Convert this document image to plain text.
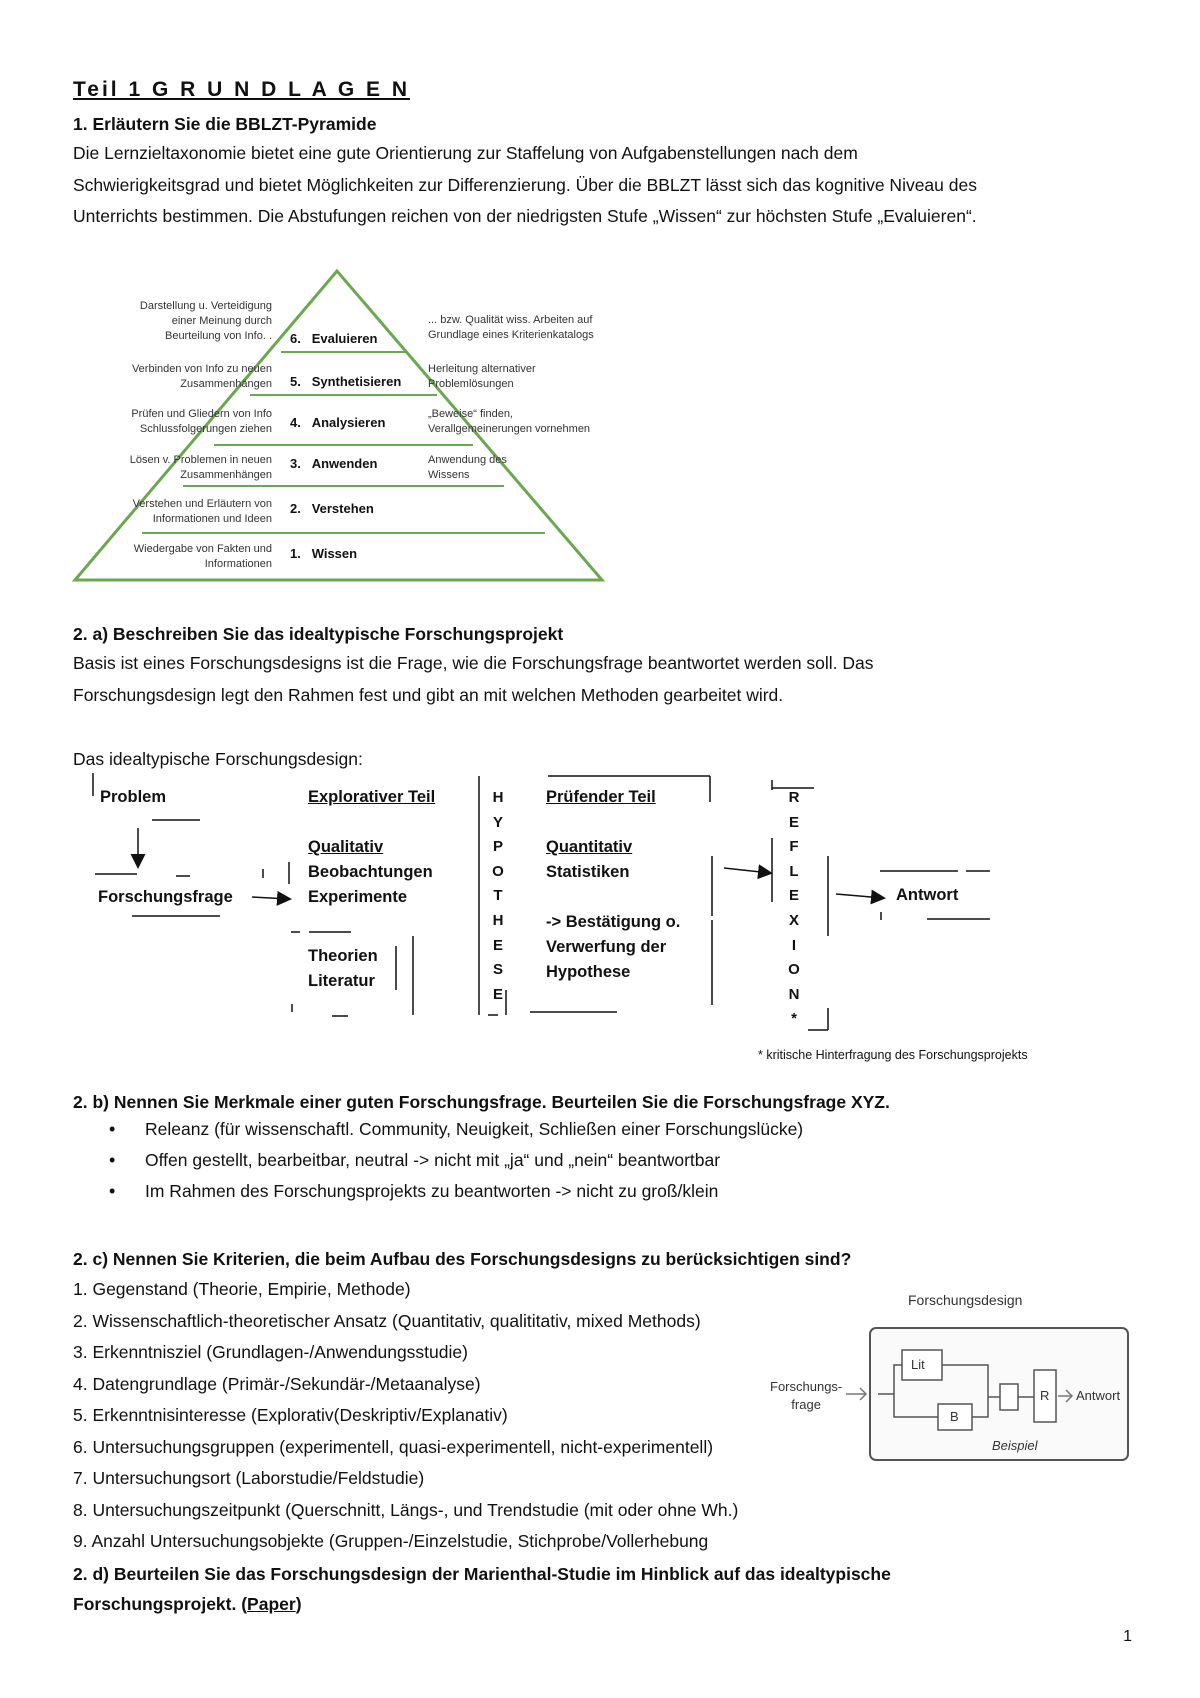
Teil 1 G R U N D L A G E N
1. Erläutern Sie die BBLZT-Pyramide

Die Lernzieltaxonomie bietet eine gute Orientierung zur Staffelung von Aufgabenstellungen nach dem

Schwierigkeitsgrad und bietet Möglichkeiten zur Differenzierung. Über die BBLZT lässt sich das kognitive Niveau des

Unterrichts bestimmen. Die Abstufungen reichen von der niedrigsten Stufe „Wissen“ zur höchsten Stufe „Evaluieren“.

Darstellung u. Verteidigung
einer Meinung durch
Beurteilung von Info. .
Verbinden von Info zu neuen
Zusammenhängen
Prüfen und Gliedern von Info
Schlussfolgerungen ziehen
Lösen v. Problemen in neuen
Zusammenhängen
Verstehen und Erläutern von
Informationen und Ideen
Wiedergabe von Fakten und
Informationen
6. Evaluieren
5. Synthetisieren
4. Analysieren
3. Anwenden
2. Verstehen
1. Wissen
... bzw. Qualität wiss. Arbeiten auf
Grundlage eines Kriterienkatalogs
Herleitung alternativer
Problemlösungen
„Beweise“ finden,
Verallgemeinerungen vornehmen
Anwendung des
Wissens
2. a) Beschreiben Sie das idealtypische Forschungsprojekt

Basis ist eines Forschungsdesigns ist die Frage, wie die Forschungsfrage beantwortet werden soll. Das

Forschungsdesign legt den Rahmen fest und gibt an mit welchen Methoden gearbeitet wird.

Das idealtypische Forschungsdesign:
Problem
Forschungsfrage
Explorativer Teil
Qualitativ
Beobachtungen
Experimente
Theorien
Literatur
H
Y
P
O
T
H
E
S
E
Prüfender Teil
Quantitativ
Statistiken
-> Bestätigung o.
Verwerfung der
Hypothese
R
E
F
L
E
X
I
O
N
*
Antwort
* kritische Hinterfragung des Forschungsprojekts
2. b) Nennen Sie Merkmale einer guten Forschungsfrage. Beurteilen Sie die Forschungsfrage XYZ.
• Releanz (für wissenschaftl. Community, Neuigkeit, Schließen einer Forschungslücke)
• Offen gestellt, bearbeitbar, neutral -> nicht mit „ja“ und „nein“ beantwortbar
• Im Rahmen des Forschungsprojekts zu beantworten -> nicht zu groß/klein
2. c) Nennen Sie Kriterien, die beim Aufbau des Forschungsdesigns zu berücksichtigen sind?
1. Gegenstand (Theorie, Empirie, Methode)
2. Wissenschaftlich-theoretischer Ansatz (Quantitativ, qualititativ, mixed Methods)
3. Erkenntnisziel (Grundlagen-/Anwendungsstudie)
4. Datengrundlage (Primär-/Sekundär-/Metaanalyse)
5. Erkenntnisinteresse (Explorativ(Deskriptiv/Explanativ)
6. Untersuchungsgruppen (experimentell, quasi-experimentell, nicht-experimentell)
7. Untersuchungsort (Laborstudie/Feldstudie)
8. Untersuchungszeitpunkt (Querschnitt, Längs-, und Trendstudie (mit oder ohne Wh.)
9. Anzahl Untersuchungsobjekte (Gruppen-/Einzelstudie, Stichprobe/Vollerhebung
Forschungsdesign
Forschungs-
frage
Lit
B
R Antwort
Beispiel
2. d) Beurteilen Sie das Forschungsdesign der Marienthal-Studie im Hinblick auf das idealtypische
Forschungsprojekt. (Paper)
1
